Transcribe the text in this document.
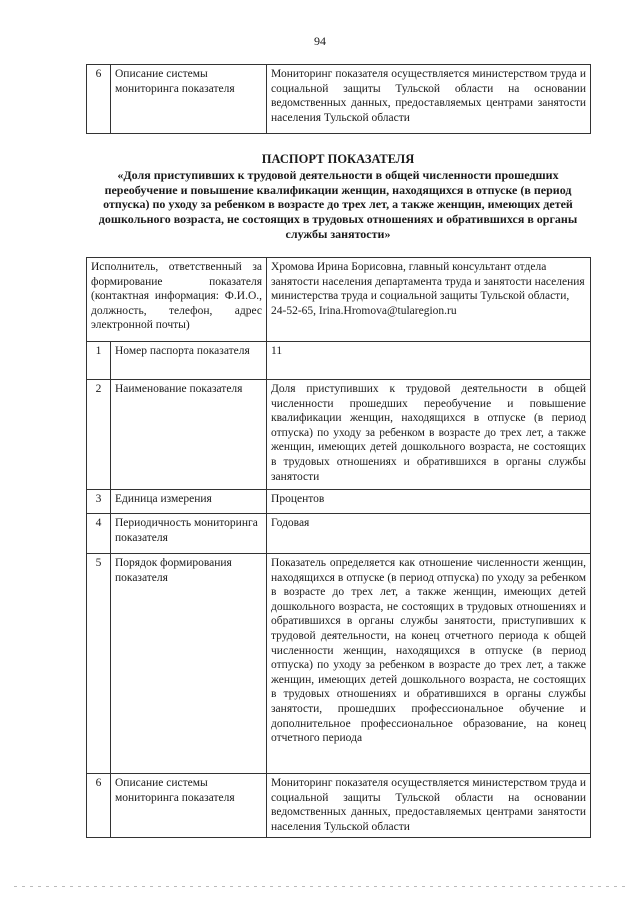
94
6	Описание системы мониторинга показателя	Мониторинг показателя осуществляется министерством труда и социальной защиты Тульской области на основании ведомственных данных, предоставляемых центрами занятости населения Тульской области
ПАСПОРТ ПОКАЗАТЕЛЯ
«Доля приступивших к трудовой деятельности в общей численности прошедших переобучение и повышение квалификации женщин, находящихся в отпуске (в период отпуска) по уходу за ребенком в возрасте до трех лет, а также женщин, имеющих детей дошкольного возраста, не состоящих в трудовых отношениях и обратившихся в органы службы занятости»
Исполнитель, ответственный за формирование показателя (контактная информация: Ф.И.О., должность, телефон, адрес электронной почты)		Хромова Ирина Борисовна, главный консультант отдела занятости населения департамента труда и занятости населения министерства труда и социальной защиты Тульской области, 24-52-65, Irina.Hromova@tularegion.ru
1	Номер паспорта показателя	11
2	Наименование показателя	Доля приступивших к трудовой деятельности в общей численности прошедших переобучение и повышение квалификации женщин, находящихся в отпуске (в период отпуска) по уходу за ребенком в возрасте до трех лет, а также женщин, имеющих детей дошкольного возраста, не состоящих в трудовых отношениях и обратившихся в органы службы занятости
3	Единица измерения	Процентов
4	Периодичность мониторинга показателя	Годовая
5	Порядок формирования показателя	Показатель определяется как отношение численности женщин, находящихся в отпуске (в период отпуска) по уходу за ребенком в возрасте до трех лет, а также женщин, имеющих детей дошкольного возраста, не состоящих в трудовых отношениях и обратившихся в органы службы занятости, приступивших к трудовой деятельности, на конец отчетного периода к общей численности женщин, находящихся в отпуске (в период отпуска) по уходу за ребенком в возрасте до трех лет, а также женщин, имеющих детей дошкольного возраста, не состоящих в трудовых отношениях и обратившихся в органы службы занятости, прошедших профессиональное обучение и дополнительное профессиональное образование, на конец отчетного периода
6	Описание системы мониторинга показателя	Мониторинг показателя осуществляется министерством труда и социальной защиты Тульской области на основании ведомственных данных, предоставляемых центрами занятости населения Тульской области
